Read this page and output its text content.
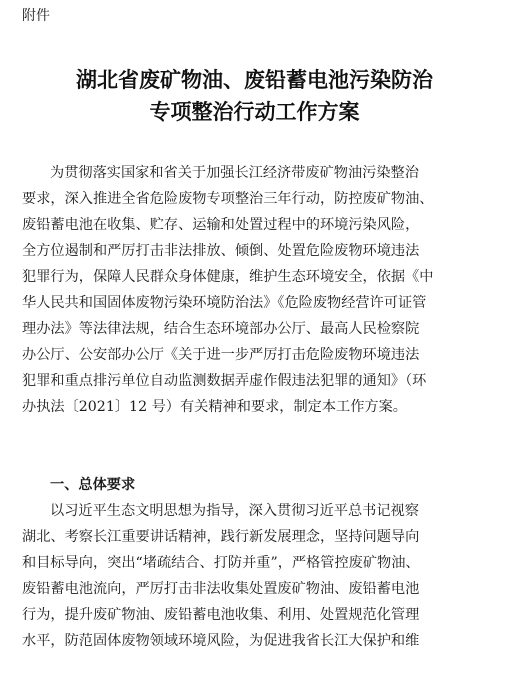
附件
湖北省废矿物油、废铅蓄电池污染防治
专项整治行动工作方案
为贯彻落实国家和省关于加强长江经济带废矿物油污染整治
要求，深入推进全省危险废物专项整治三年行动，防控废矿物油、
废铅蓄电池在收集、贮存、运输和处置过程中的环境污染风险，
全方位遏制和严厉打击非法排放、倾倒、处置危险废物环境违法
犯罪行为，保障人民群众身体健康，维护生态环境安全，依据《中
华人民共和国固体废物污染环境防治法》《危险废物经营许可证管
理办法》等法律法规，结合生态环境部办公厅、最高人民检察院
办公厅、公安部办公厅《关于进一步严厉打击危险废物环境违法
犯罪和重点排污单位自动监测数据弄虚作假违法犯罪的通知》（环
办执法〔2021〕12 号）有关精神和要求，制定本工作方案。
一、总体要求
以习近平生态文明思想为指导，深入贯彻习近平总书记视察
湖北、考察长江重要讲话精神，践行新发展理念，坚持问题导向
和目标导向，突出“堵疏结合、打防并重”，严格管控废矿物油、
废铅蓄电池流向，严厉打击非法收集处置废矿物油、废铅蓄电池
行为，提升废矿物油、废铅蓄电池收集、利用、处置规范化管理
水平，防范固体废物领域环境风险，为促进我省长江大保护和维
